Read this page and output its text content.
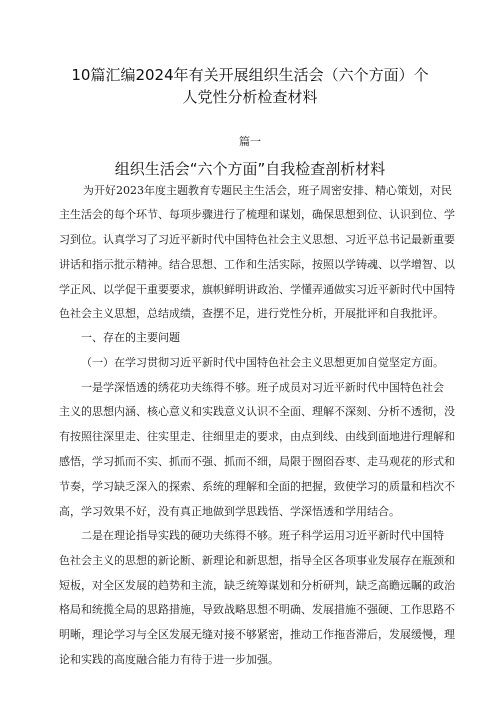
10篇汇编2024年有关开展组织生活会（六个方面）个
人党性分析检查材料
篇一
组织生活会“六个方面”自我检查剖析材料
为开好2023年度主题教育专题民主生活会，班子周密安排、精心策划，对民
主生活会的每个环节、每项步骤进行了梳理和谋划，确保思想到位、认识到位、学
习到位。认真学习了习近平新时代中国特色社会主义思想、习近平总书记最新重要
讲话和指示批示精神。结合思想、工作和生活实际，按照以学铸魂、以学增智、以
学正风、以学促干重要要求，旗帜鲜明讲政治、学懂弄通做实习近平新时代中国特
色社会主义思想，总结成绩，查摆不足，进行党性分析，开展批评和自我批评。
一、存在的主要问题
（一）在学习贯彻习近平新时代中国特色社会主义思想更加自觉坚定方面。
一是学深悟透的绣花功夫练得不够。班子成员对习近平新时代中国特色社会
主义的思想内涵、核心意义和实践意义认识不全面、理解不深刻、分析不透彻，没
有按照往深里走、往实里走、往细里走的要求，由点到线、由线到面地进行理解和
感悟，学习抓而不实、抓而不强、抓而不细，局限于囫囵吞枣、走马观花的形式和
节奏，学习缺乏深入的探索、系统的理解和全面的把握，致使学习的质量和档次不
高，学习效果不好，没有真正地做到学思践悟、学深悟透和学用结合。
二是在理论指导实践的硬功夫练得不够。班子科学运用习近平新时代中国特
色社会主义的思想的新论断、新理论和新思想，指导全区各项事业发展存在瓶颈和
短板，对全区发展的趋势和主流，缺乏统筹谋划和分析研判，缺乏高瞻远瞩的政治
格局和统揽全局的思路措施，导致战略思想不明确、发展措施不强硬、工作思路不
明晰，理论学习与全区发展无缝对接不够紧密，推动工作拖沓滞后，发展缓慢，理
论和实践的高度融合能力有待于进一步加强。
